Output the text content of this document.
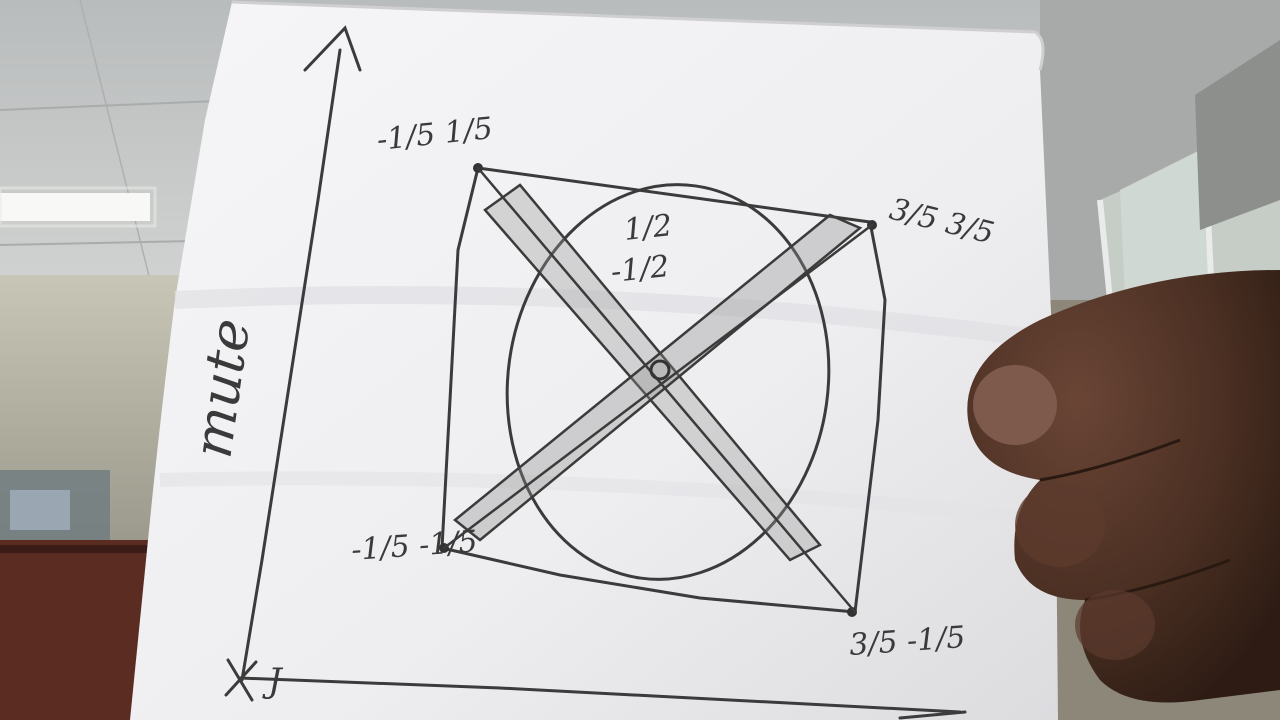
mute
J
-1/5 1/5
3/5 3/5
-1/5 -1/5
3/5 -1/5
1/2
-1/2
